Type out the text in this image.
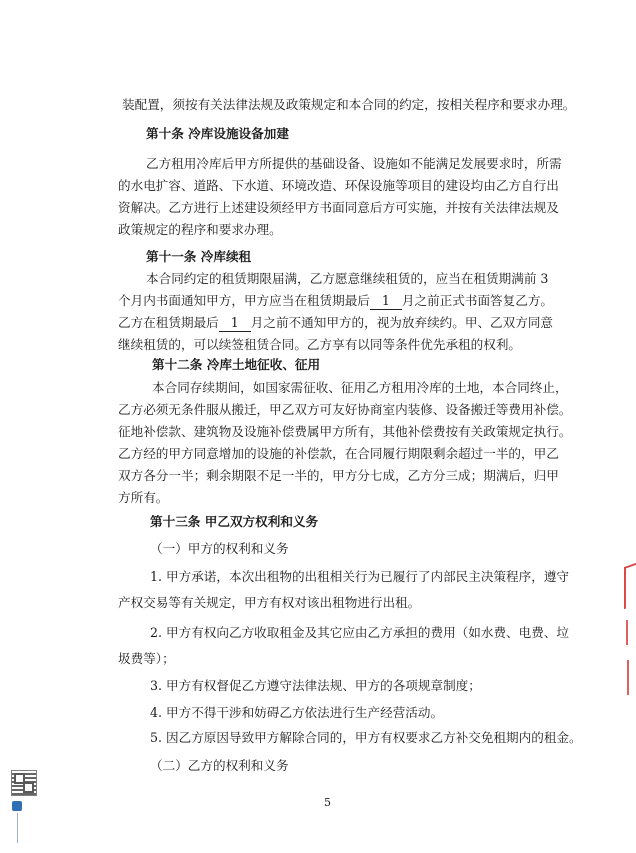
装配置，须按有关法律法规及政策规定和本合同的约定，按相关程序和要求办理。
第十条 冷库设施设备加建
乙方租用冷库后甲方所提供的基础设备、设施如不能满足发展要求时，所需
的水电扩容、道路、下水道、环境改造、环保设施等项目的建设均由乙方自行出
资解决。乙方进行上述建设须经甲方书面同意后方可实施，并按有关法律法规及
政策规定的程序和要求办理。
第十一条 冷库续租
本合同约定的租赁期限届满，乙方愿意继续租赁的，应当在租赁期满前 3
个月内书面通知甲方，甲方应当在租赁期最后 1 月之前正式书面答复乙方。
乙方在租赁期最后 1 月之前不通知甲方的，视为放弃续约。甲、乙双方同意
继续租赁的，可以续签租赁合同。乙方享有以同等条件优先承租的权利。
第十二条 冷库土地征收、征用
本合同存续期间，如国家需征收、征用乙方租用冷库的土地，本合同终止，
乙方必须无条件服从搬迁，甲乙双方可友好协商室内装修、设备搬迁等费用补偿。
征地补偿款、建筑物及设施补偿费属甲方所有，其他补偿费按有关政策规定执行。
乙方经的甲方同意增加的设施的补偿款，在合同履行期限剩余超过一半的，甲乙
双方各分一半；剩余期限不足一半的，甲方分七成，乙方分三成；期满后，归甲
方所有。
第十三条 甲乙双方权利和义务
（一）甲方的权利和义务
1. 甲方承诺，本次出租物的出租相关行为已履行了内部民主决策程序，遵守
产权交易等有关规定，甲方有权对该出租物进行出租。
2. 甲方有权向乙方收取租金及其它应由乙方承担的费用（如水费、电费、垃
圾费等）；
3. 甲方有权督促乙方遵守法律法规、甲方的各项规章制度；
4. 甲方不得干涉和妨碍乙方依法进行生产经营活动。
5. 因乙方原因导致甲方解除合同的，甲方有权要求乙方补交免租期内的租金。
（二）乙方的权利和义务
5
